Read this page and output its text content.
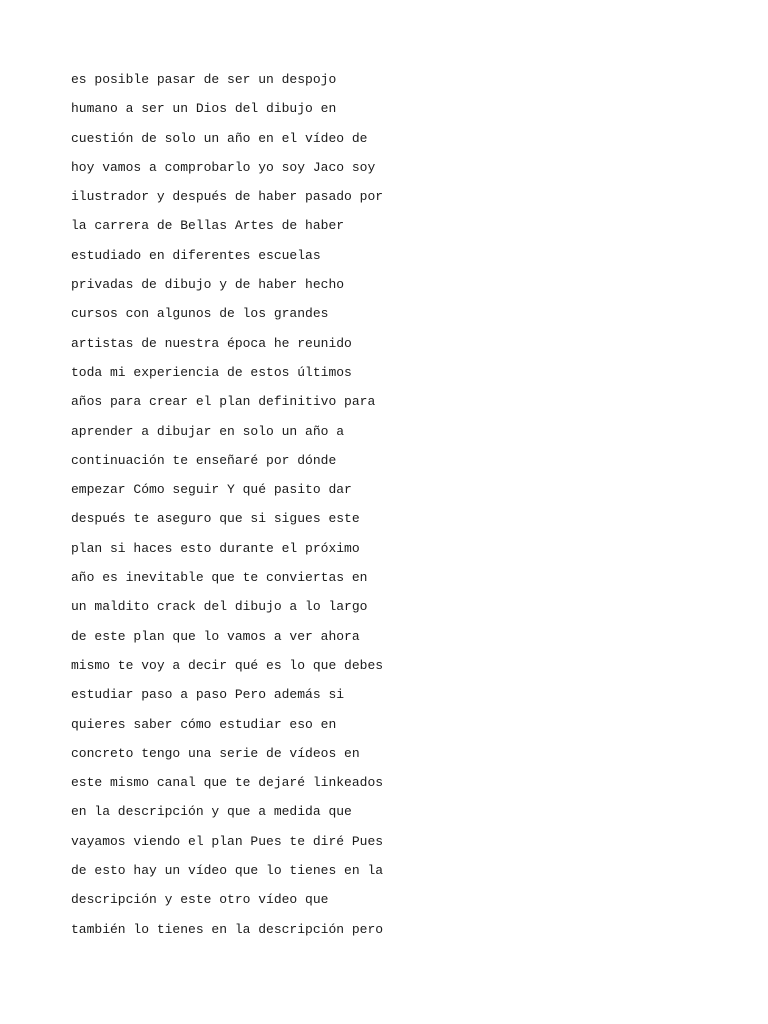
es posible pasar de ser un despojo
humano a ser un Dios del dibujo en
cuestión de solo un año en el vídeo de
hoy vamos a comprobarlo yo soy Jaco soy
ilustrador y después de haber pasado por
la carrera de Bellas Artes de haber
estudiado en diferentes escuelas
privadas de dibujo y de haber hecho
cursos con algunos de los grandes
artistas de nuestra época he reunido
toda mi experiencia de estos últimos
años para crear el plan definitivo para
aprender a dibujar en solo un año a
continuación te enseñaré por dónde
empezar Cómo seguir Y qué pasito dar
después te aseguro que si sigues este
plan si haces esto durante el próximo
año es inevitable que te conviertas en
un maldito crack del dibujo a lo largo
de este plan que lo vamos a ver ahora
mismo te voy a decir qué es lo que debes
estudiar paso a paso Pero además si
quieres saber cómo estudiar eso en
concreto tengo una serie de vídeos en
este mismo canal que te dejaré linkeados
en la descripción y que a medida que
vayamos viendo el plan Pues te diré Pues
de esto hay un vídeo que lo tienes en la
descripción y este otro vídeo que
también lo tienes en la descripción pero
